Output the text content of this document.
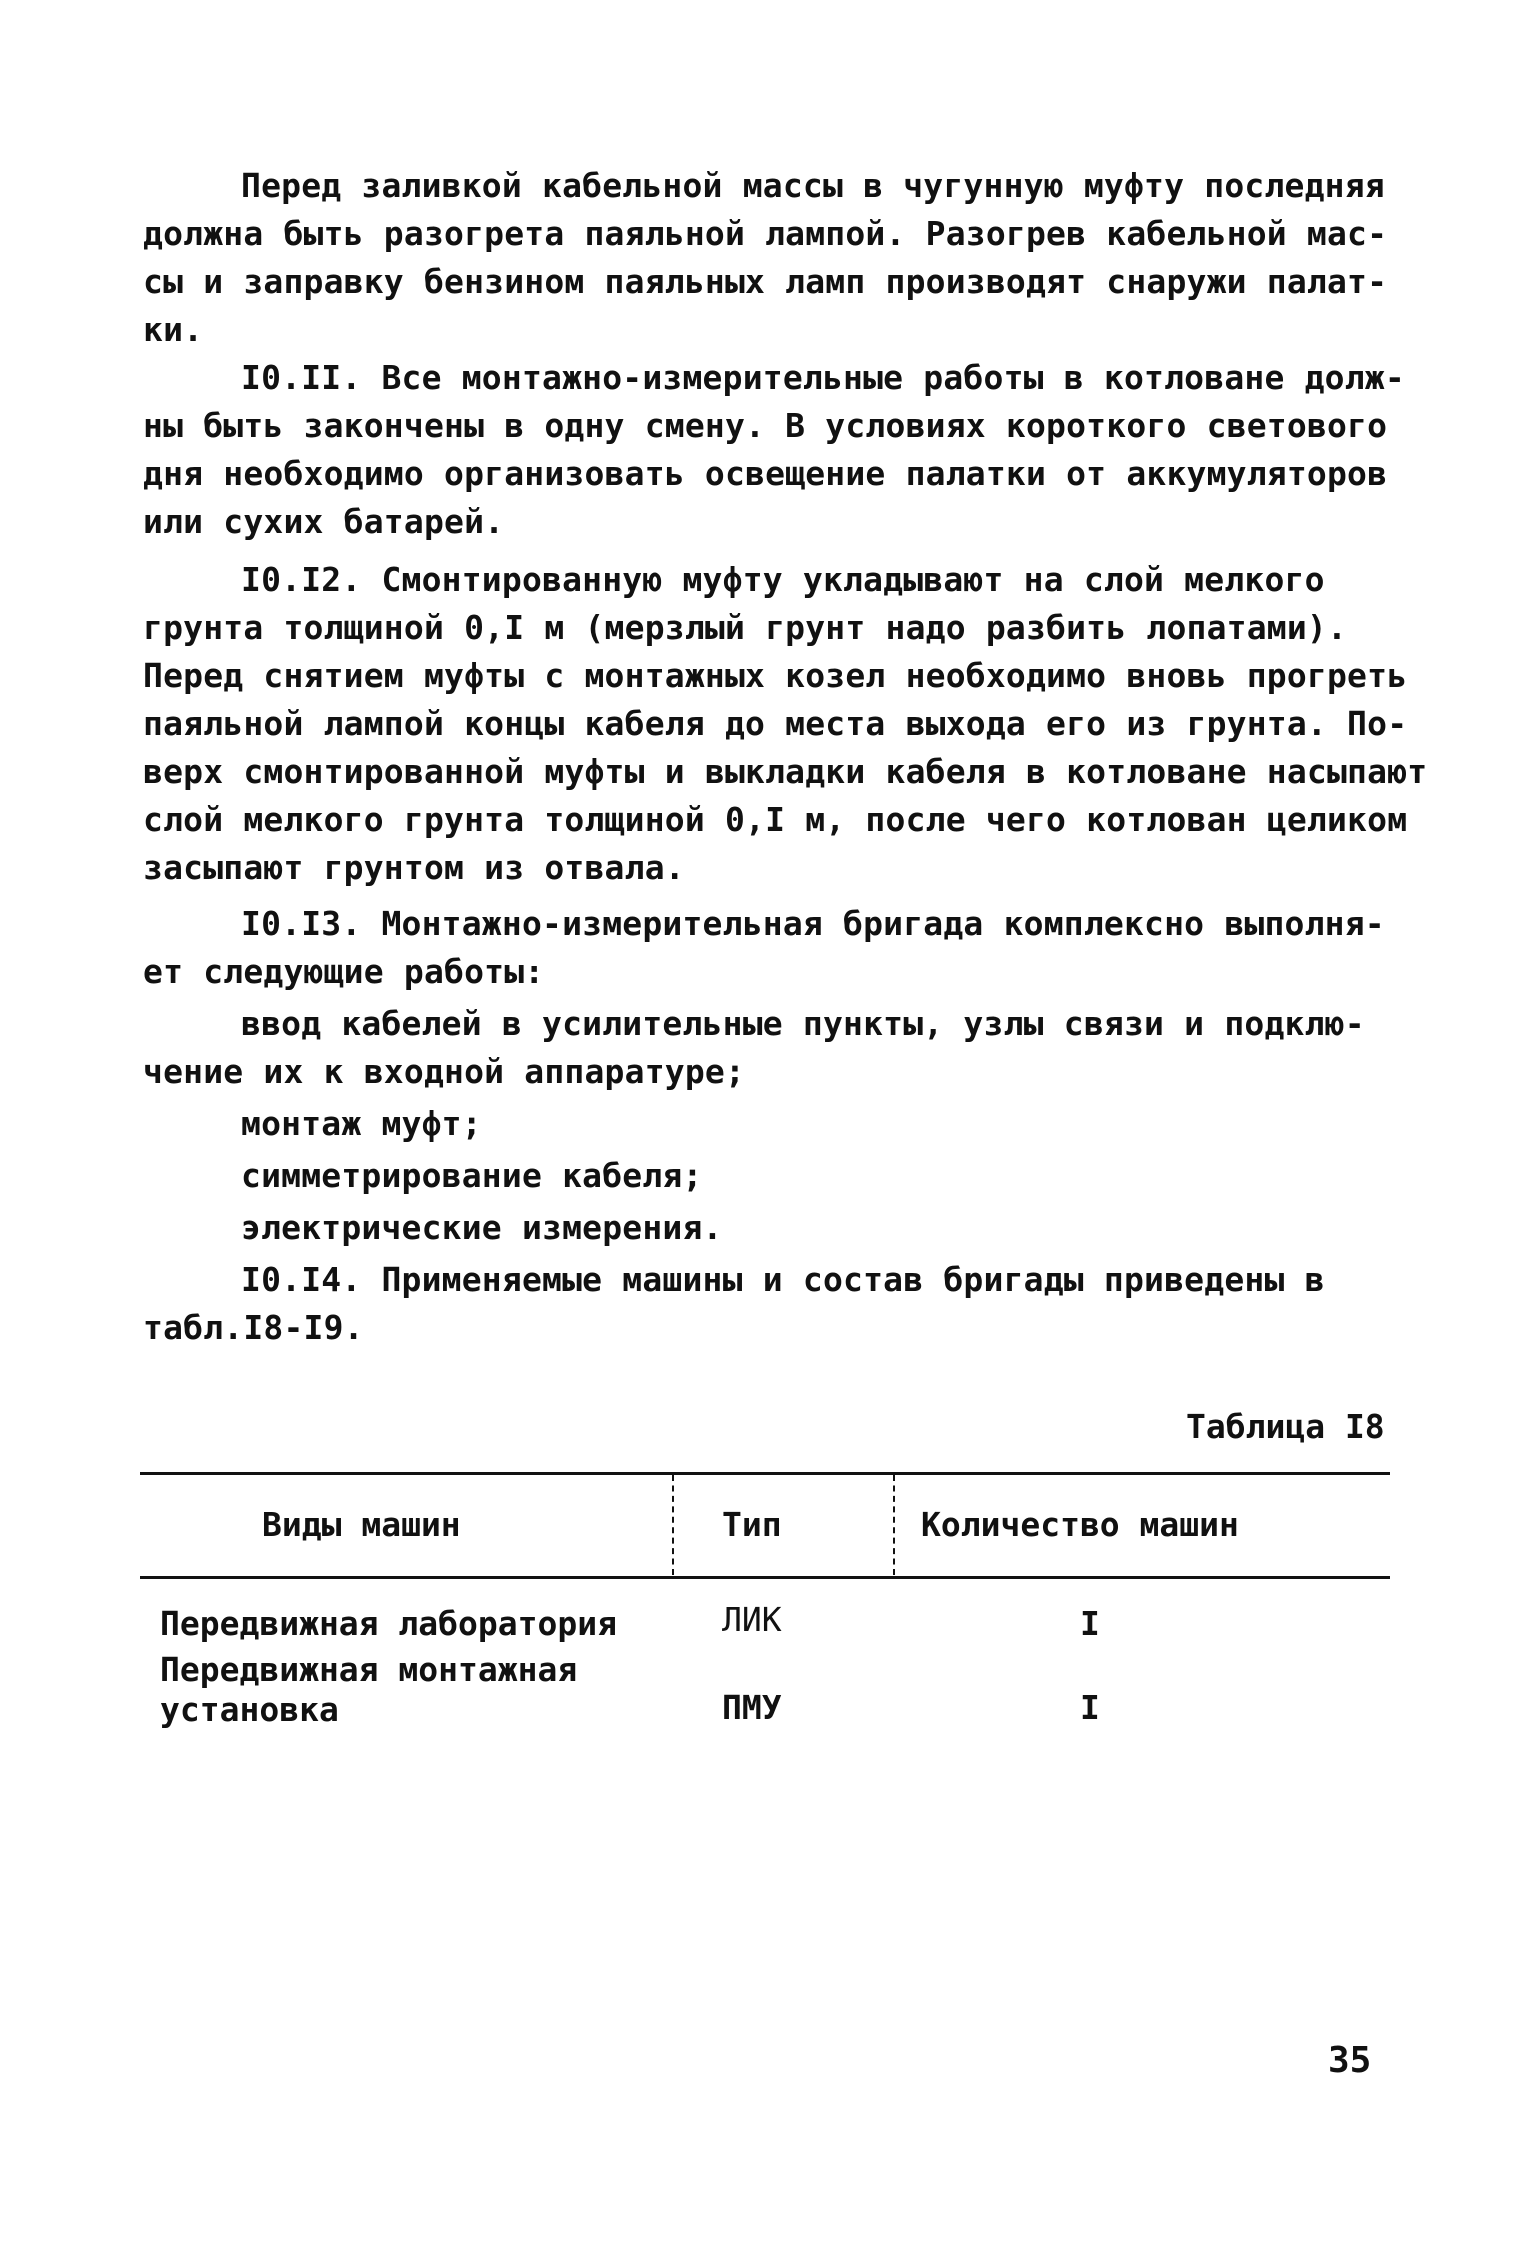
Перед заливкой кабельной массы в чугунную муфту последняя
должна быть разогрета паяльной лампой. Разогрев кабельной мас-
сы и заправку бензином паяльных ламп производят снаружи палат-
ки.
I0.II. Все монтажно-измерительные работы в котловане долж-
ны быть закончены в одну смену. В условиях короткого светового
дня необходимо организовать освещение палатки от аккумуляторов
или сухих батарей.
I0.I2. Смонтированную муфту укладывают на слой мелкого
грунта толщиной 0,I м (мерзлый грунт надо разбить лопатами).
Перед снятием муфты с монтажных козел необходимо вновь прогреть
паяльной лампой концы кабеля до места выхода его из грунта. По-
верх смонтированной муфты и выкладки кабеля в котловане насыпают
слой мелкого грунта толщиной 0,I м, после чего котлован целиком
засыпают грунтом из отвала.
I0.I3. Монтажно-измерительная бригада комплексно выполня-
ет следующие работы:
ввод кабелей в усилительные пункты, узлы связи и подклю-
чение их к входной аппаратуре;
монтаж муфт;
симметрирование кабеля;
электрические измерения.
I0.I4. Применяемые машины и состав бригады приведены в
табл.I8-I9.
Таблица I8
Виды машин	Тип	Количество машин
Передвижная лаборатория	ЛИК	I
Передвижная монтажная
установка	ПМУ	I
35
